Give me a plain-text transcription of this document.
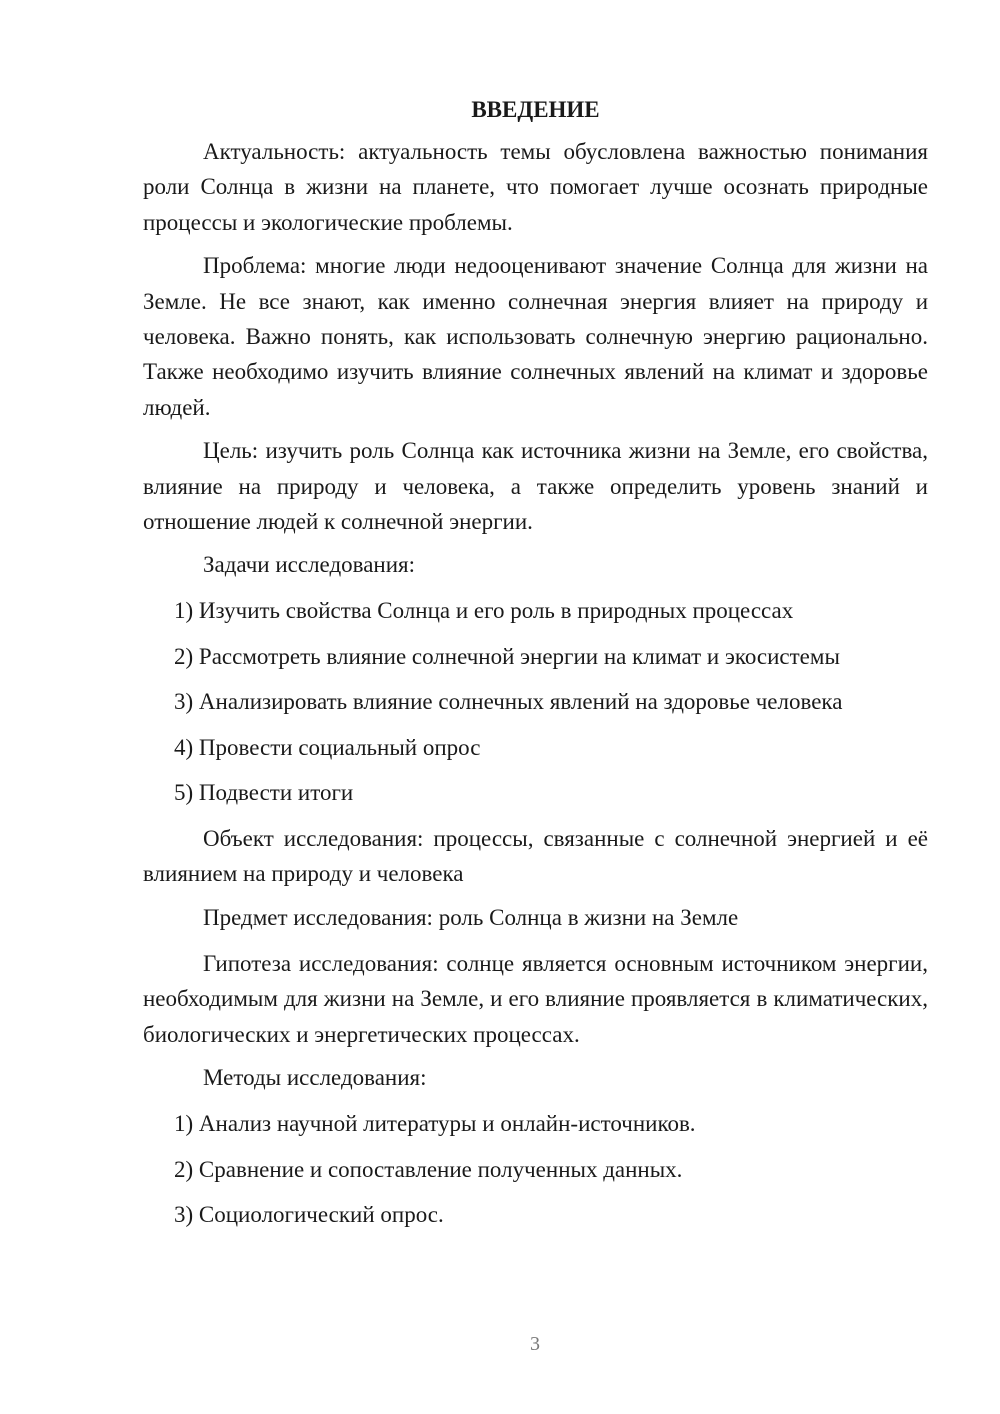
ВВЕДЕНИЕ

Актуальность: актуальность темы обусловлена важностью понимания роли Солнца в жизни на планете, что помогает лучше осознать природные процессы и экологические проблемы.

Проблема: многие люди недооценивают значение Солнца для жизни на Земле. Не все знают, как именно солнечная энергия влияет на природу и человека. Важно понять, как использовать солнечную энергию рационально. Также необходимо изучить влияние солнечных явлений на климат и здоровье людей.

Цель: изучить роль Солнца как источника жизни на Земле, его свойства, влияние на природу и человека, а также определить уровень знаний и отношение людей к солнечной энергии.

Задачи исследования:

1) Изучить свойства Солнца и его роль в природных процессах
2) Рассмотреть влияние солнечной энергии на климат и экосистемы
3) Анализировать влияние солнечных явлений на здоровье человека
4) Провести социальный опрос
5) Подвести итоги

Объект исследования: процессы, связанные с солнечной энергией и её влиянием на природу и человека

Предмет исследования: роль Солнца в жизни на Земле

Гипотеза исследования: солнце является основным источником энергии, необходимым для жизни на Земле, и его влияние проявляется в климатических, биологических и энергетических процессах.

Методы исследования:

1) Анализ научной литературы и онлайн-источников.
2) Сравнение и сопоставление полученных данных.
3) Социологический опрос.
3
